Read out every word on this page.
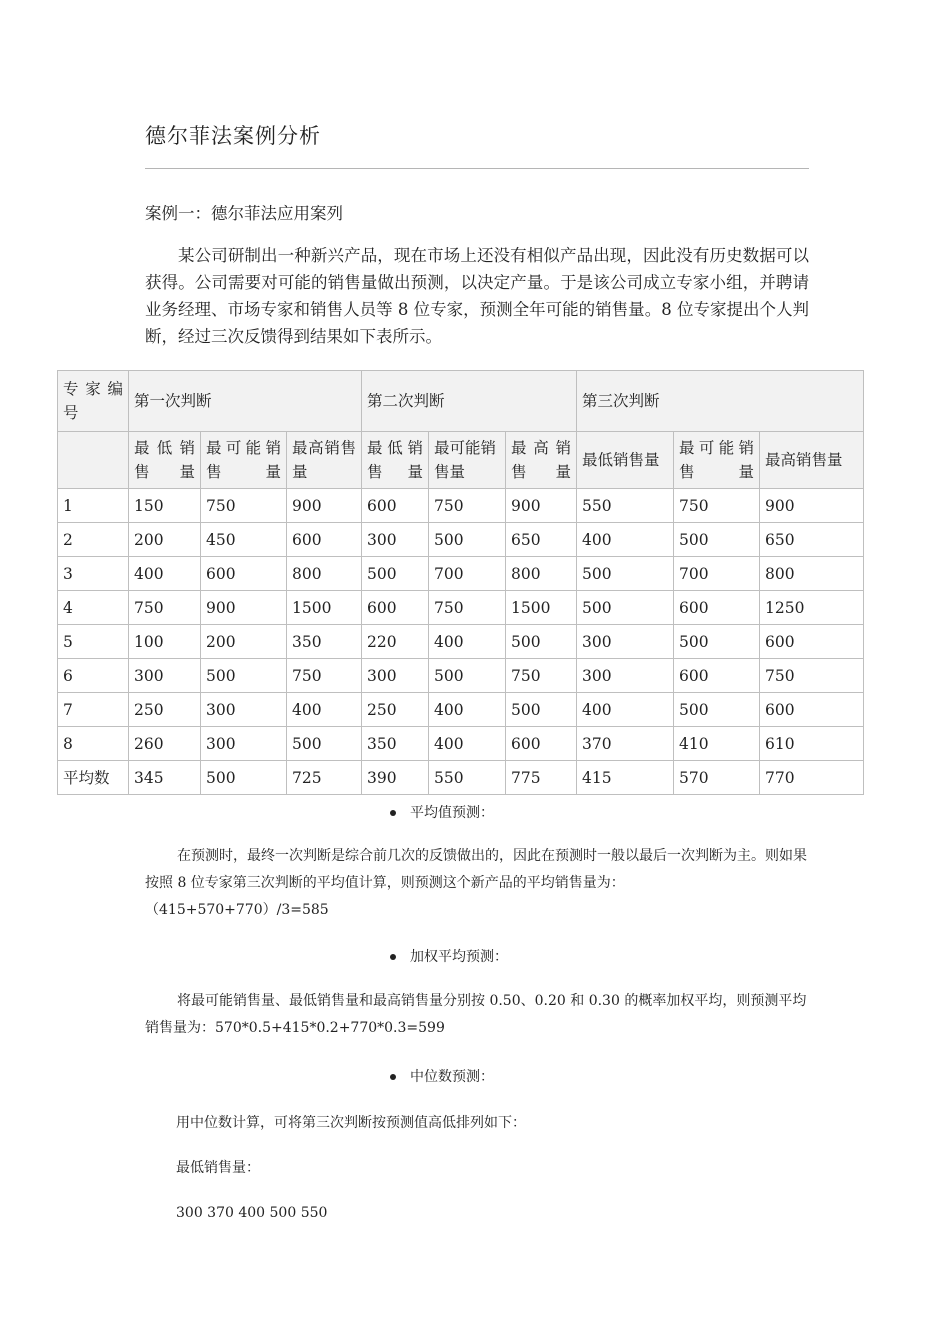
德尔菲法案例分析
案例一：德尔菲法应用案列
某公司研制出一种新兴产品，现在市场上还没有相似产品出现，因此没有历史数据可以获得。公司需要对可能的销售量做出预测，以决定产量。于是该公司成立专家小组，并聘请业务经理、市场专家和销售人员等 8 位专家，预测全年可能的销售量。8 位专家提出个人判断，经过三次反馈得到结果如下表所示。
专家编号	第一次判断			第二次判断			第三次判断		
	最低销售量	最可能销售量	最高销售量	最低销售量	最可能销售量	最高销售量	最低销售量	最可能销售量	最高销售量
1	150	750	900	600	750	900	550	750	900
2	200	450	600	300	500	650	400	500	650
3	400	600	800	500	700	800	500	700	800
4	750	900	1500	600	750	1500	500	600	1250
5	100	200	350	220	400	500	300	500	600
6	300	500	750	300	500	750	300	600	750
7	250	300	400	250	400	500	400	500	600
8	260	300	500	350	400	600	370	410	610
平均数	345	500	725	390	550	775	415	570	770
平均值预测：
在预测时，最终一次判断是综合前几次的反馈做出的，因此在预测时一般以最后一次判断为主。则如果按照 8 位专家第三次判断的平均值计算，则预测这个新产品的平均销售量为：
（415+570+770）/3=585
加权平均预测：
将最可能销售量、最低销售量和最高销售量分别按 0.50、0.20 和 0.30 的概率加权平均，则预测平均销售量为：570*0.5+415*0.2+770*0.3=599
中位数预测：
用中位数计算，可将第三次判断按预测值高低排列如下：
最低销售量：
300 370 400 500 550
